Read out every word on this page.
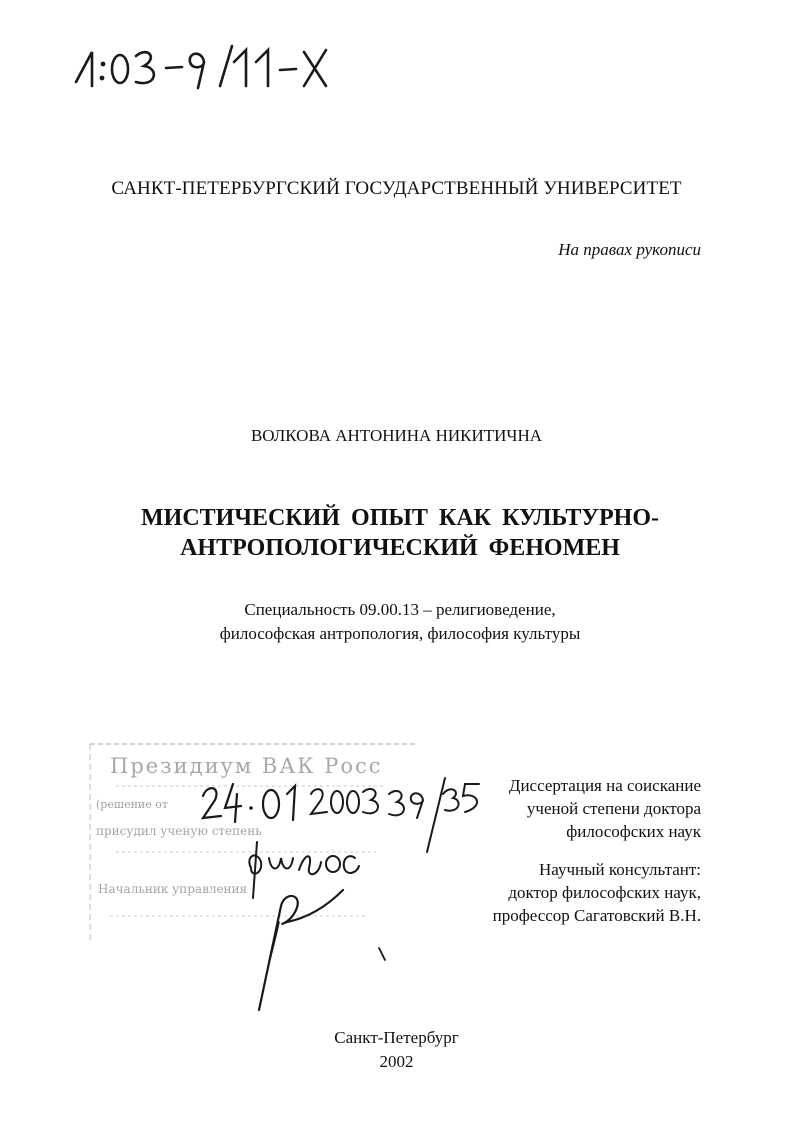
САНКТ-ПЕТЕРБУРГСКИЙ ГОСУДАРСТВЕННЫЙ УНИВЕРСИТЕТ
На правах рукописи
ВОЛКОВА АНТОНИНА НИКИТИЧНА
МИСТИЧЕСКИЙ ОПЫТ КАК КУЛЬТУРНО-
АНТРОПОЛОГИЧЕСКИЙ ФЕНОМЕН
Специальность 09.00.13 – религиоведение,
философская антропология, философия культуры
Президиум ВАК Росс
(решение от
присудил ученую степень
Начальник управления
Диссертация на соискание
ученой степени доктора
философских наук
Научный консультант:
доктор философских наук,
профессор Сагатовский В.Н.
Санкт-Петербург
2002
